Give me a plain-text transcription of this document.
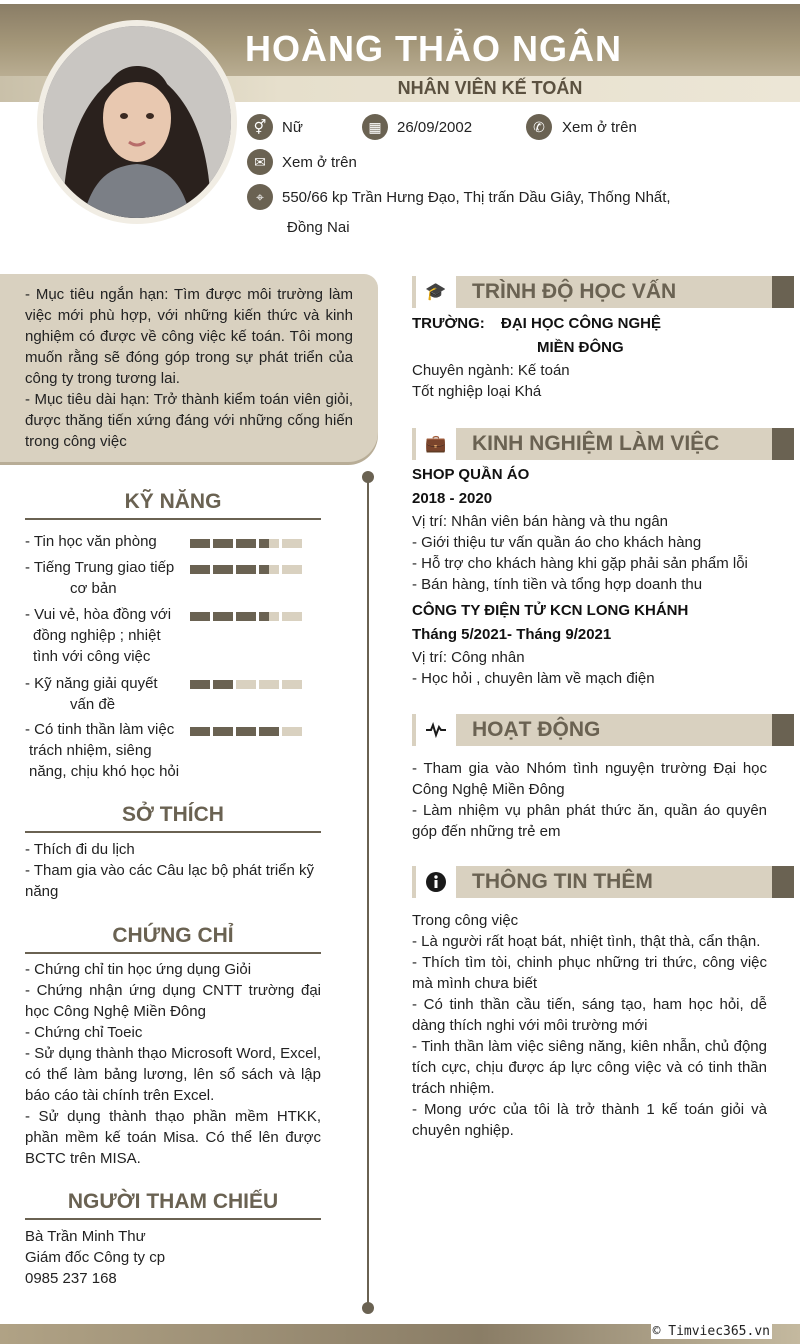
HOÀNG THẢO NGÂN
NHÂN VIÊN KẾ TOÁN
⚥	Nữ	▦	26/09/2002	✆	Xem ở trên
✉	Xem ở trên
⌖	550/66 kp Trần Hưng Đạo, Thị trấn Dầu Giây, Thống Nhất,
Đồng Nai
- Mục tiêu ngắn hạn: Tìm được môi trường làm việc mới phù hợp, với những kiến thức và kinh nghiệm có được về công việc kế toán. Tôi mong muốn rằng sẽ đóng góp trong sự phát triển của công ty trong tương lai.
- Mục tiêu dài hạn: Trở thành kiểm toán viên giỏi, được thăng tiến xứng đáng với những cống hiến trong công việc
KỸ NĂNG
- Tin học văn phòng
- Tiếng Trung giao tiếp
cơ bản
- Vui vẻ, hòa đồng với
đồng nghiệp ; nhiệt
tình với công việc
- Kỹ năng giải quyết
vấn đề
- Có tinh thần làm việc
trách nhiệm, siêng
năng, chịu khó học hỏi
SỞ THÍCH
- Thích đi du lịch
- Tham gia vào các Câu lạc bộ phát triển kỹ năng
CHỨNG CHỈ
- Chứng chỉ tin học ứng dụng Giỏi
- Chứng nhận ứng dụng CNTT trường đại học Công Nghệ Miền Đông
- Chứng chỉ Toeic
- Sử dụng thành thạo Microsoft Word, Excel, có thể làm bảng lương, lên sổ sách và lập báo cáo tài chính trên Excel.
- Sử dụng thành thạo phần mềm HTKK, phần mềm kế toán Misa. Có thể lên được BCTC trên MISA.
NGƯỜI THAM CHIẾU
Bà Trần Minh Thư
Giám đốc Công ty cp
0985 237 168
🎓	TRÌNH ĐỘ HỌC VẤN
TRƯỜNG: ĐẠI HỌC CÔNG NGHỆ
MIỀN ĐÔNG
Chuyên ngành: Kế toán
Tốt nghiệp loại Khá
💼	KINH NGHIỆM LÀM VIỆC
SHOP QUẦN ÁO
2018 - 2020
Vị trí: Nhân viên bán hàng và thu ngân
- Giới thiệu tư vấn quần áo cho khách hàng
- Hỗ trợ cho khách hàng khi gặp phải sản phẩm lỗi
- Bán hàng, tính tiền và tổng hợp doanh thu
CÔNG TY ĐIỆN TỬ KCN LONG KHÁNH
Tháng 5/2021- Tháng 9/2021
Vị trí: Công nhân
- Học hỏi , chuyên làm về mạch điện
HOẠT ĐỘNG
- Tham gia vào Nhóm tình nguyện trường Đại học Công Nghệ Miền Đông
- Làm nhiệm vụ phân phát thức ăn, quần áo quyên góp đến những trẻ em
THÔNG TIN THÊM
Trong công việc
- Là người rất hoạt bát, nhiệt tình, thật thà, cẩn thận.
- Thích tìm tòi, chinh phục những tri thức, công việc mà mình chưa biết
- Có tinh thần cầu tiến, sáng tạo, ham học hỏi, dễ dàng thích nghi với môi trường mới
- Tinh thần làm việc siêng năng, kiên nhẫn, chủ động tích cực, chịu được áp lực công việc và có tinh thần trách nhiệm.
- Mong ước của tôi là trở thành 1 kế toán giỏi và chuyên nghiệp.
© Timviec365.vn
